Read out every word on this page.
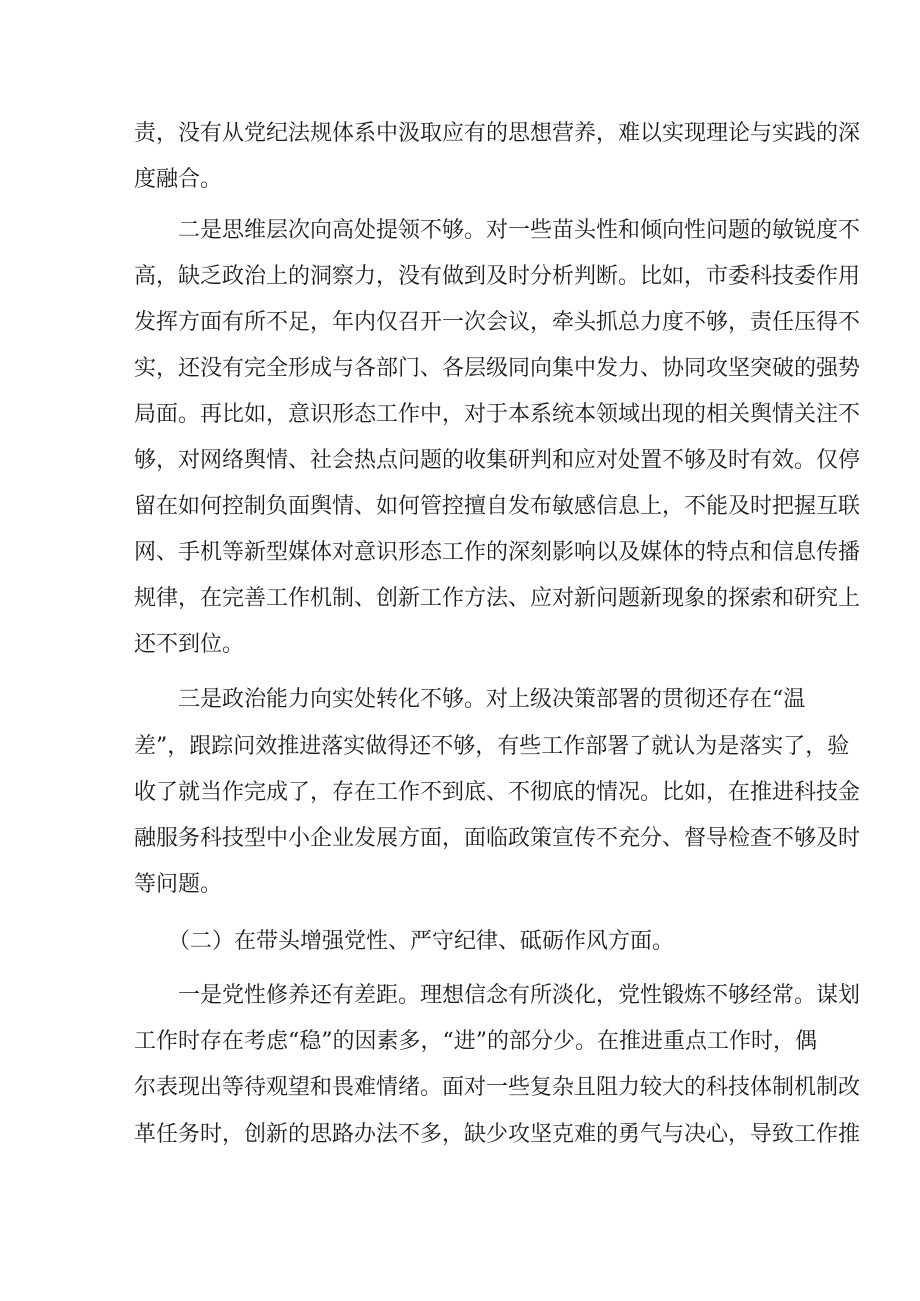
责，没有从党纪法规体系中汲取应有的思想营养，难以实现理论与实践的深
度融合。
二是思维层次向高处提领不够。对一些苗头性和倾向性问题的敏锐度不
高，缺乏政治上的洞察力，没有做到及时分析判断。比如，市委科技委作用
发挥方面有所不足，年内仅召开一次会议，牵头抓总力度不够，责任压得不
实，还没有完全形成与各部门、各层级同向集中发力、协同攻坚突破的强势
局面。再比如，意识形态工作中，对于本系统本领域出现的相关舆情关注不
够，对网络舆情、社会热点问题的收集研判和应对处置不够及时有效。仅停
留在如何控制负面舆情、如何管控擅自发布敏感信息上，不能及时把握互联
网、手机等新型媒体对意识形态工作的深刻影响以及媒体的特点和信息传播
规律，在完善工作机制、创新工作方法、应对新问题新现象的探索和研究上
还不到位。
三是政治能力向实处转化不够。对上级决策部署的贯彻还存在“温
差”，跟踪问效推进落实做得还不够，有些工作部署了就认为是落实了，验
收了就当作完成了，存在工作不到底、不彻底的情况。比如，在推进科技金
融服务科技型中小企业发展方面，面临政策宣传不充分、督导检查不够及时
等问题。
（二）在带头增强党性、严守纪律、砥砺作风方面。
一是党性修养还有差距。理想信念有所淡化，党性锻炼不够经常。谋划
工作时存在考虑“稳”的因素多，“进”的部分少。在推进重点工作时，偶
尔表现出等待观望和畏难情绪。面对一些复杂且阻力较大的科技体制机制改
革任务时，创新的思路办法不多，缺少攻坚克难的勇气与决心，导致工作推
